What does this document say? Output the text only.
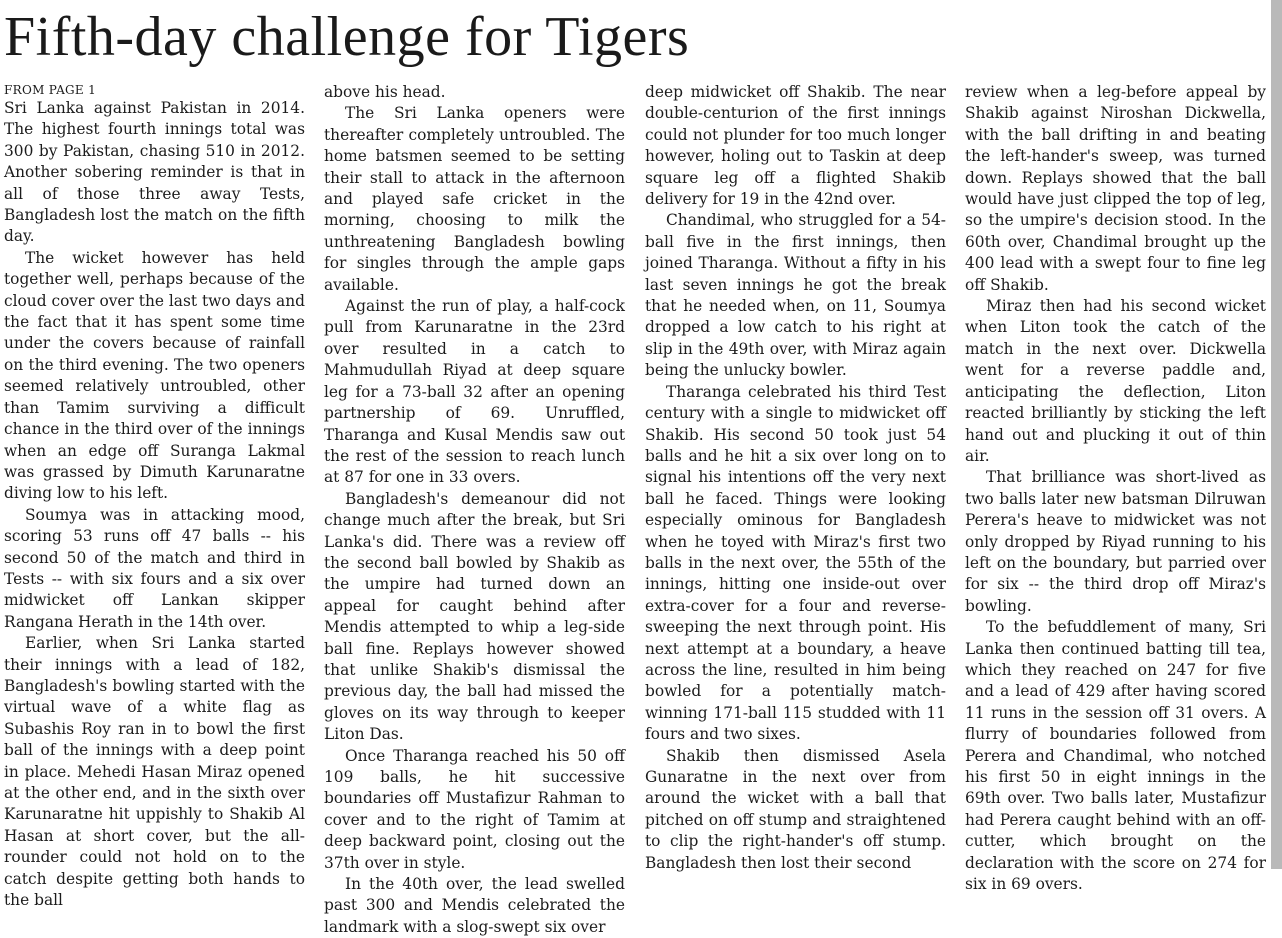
Fifth-day challenge for Tigers
FROM PAGE 1

Sri Lanka against Pakistan in 2014. The highest fourth innings total was 300 by Pakistan, chasing 510 in 2012. Another sobering reminder is that in all of those three away Tests, Bangladesh lost the match on the fifth day.

The wicket however has held together well, perhaps because of the cloud cover over the last two days and the fact that it has spent some time under the covers because of rainfall on the third evening. The two openers seemed relatively untroubled, other than Tamim surviving a difficult chance in the third over of the innings when an edge off Suranga Lakmal was grassed by Dimuth Karunaratne diving low to his left.

Soumya was in attacking mood, scoring 53 runs off 47 balls -- his second 50 of the match and third in Tests -- with six fours and a six over midwicket off Lankan skipper Rangana Herath in the 14th over.

Earlier, when Sri Lanka started their innings with a lead of 182, Bangladesh's bowling started with the virtual wave of a white flag as Subashis Roy ran in to bowl the first ball of the innings with a deep point in place. Mehedi Hasan Miraz opened at the other end, and in the sixth over Karunaratne hit uppishly to Shakib Al Hasan at short cover, but the all-rounder could not hold on to the catch despite getting both hands to the ball

above his head.

The Sri Lanka openers were thereafter completely untroubled. The home batsmen seemed to be setting their stall to attack in the afternoon and played safe cricket in the morning, choosing to milk the unthreatening Bangladesh bowling for singles through the ample gaps available.

Against the run of play, a half-cock pull from Karunaratne in the 23rd over resulted in a catch to Mahmudullah Riyad at deep square leg for a 73-ball 32 after an opening partnership of 69. Unruffled, Tharanga and Kusal Mendis saw out the rest of the session to reach lunch at 87 for one in 33 overs.

Bangladesh's demeanour did not change much after the break, but Sri Lanka's did. There was a review off the second ball bowled by Shakib as the umpire had turned down an appeal for caught behind after Mendis attempted to whip a leg-side ball fine. Replays however showed that unlike Shakib's dismissal the previous day, the ball had missed the gloves on its way through to keeper Liton Das.

Once Tharanga reached his 50 off 109 balls, he hit successive boundaries off Mustafizur Rahman to cover and to the right of Tamim at deep backward point, closing out the 37th over in style.

In the 40th over, the lead swelled past 300 and Mendis celebrated the landmark with a slog-swept six over

deep midwicket off Shakib. The near double-centurion of the first innings could not plunder for too much longer however, holing out to Taskin at deep square leg off a flighted Shakib delivery for 19 in the 42nd over.

Chandimal, who struggled for a 54-ball five in the first innings, then joined Tharanga. Without a fifty in his last seven innings he got the break that he needed when, on 11, Soumya dropped a low catch to his right at slip in the 49th over, with Miraz again being the unlucky bowler.

Tharanga celebrated his third Test century with a single to midwicket off Shakib. His second 50 took just 54 balls and he hit a six over long on to signal his intentions off the very next ball he faced. Things were looking especially ominous for Bangladesh when he toyed with Miraz's first two balls in the next over, the 55th of the innings, hitting one inside-out over extra-cover for a four and reverse-sweeping the next through point. His next attempt at a boundary, a heave across the line, resulted in him being bowled for a potentially match-winning 171-ball 115 studded with 11 fours and two sixes.

Shakib then dismissed Asela Gunaratne in the next over from around the wicket with a ball that pitched on off stump and straightened to clip the right-hander's off stump. Bangladesh then lost their second

review when a leg-before appeal by Shakib against Niroshan Dickwella, with the ball drifting in and beating the left-hander's sweep, was turned down. Replays showed that the ball would have just clipped the top of leg, so the umpire's decision stood. In the 60th over, Chandimal brought up the 400 lead with a swept four to fine leg off Shakib.

Miraz then had his second wicket when Liton took the catch of the match in the next over. Dickwella went for a reverse paddle and, anticipating the deflection, Liton reacted brilliantly by sticking the left hand out and plucking it out of thin air.

That brilliance was short-lived as two balls later new batsman Dilruwan Perera's heave to midwicket was not only dropped by Riyad running to his left on the boundary, but parried over for six -- the third drop off Miraz's bowling.

To the befuddlement of many, Sri Lanka then continued batting till tea, which they reached on 247 for five and a lead of 429 after having scored 11 runs in the session off 31 overs. A flurry of boundaries followed from Perera and Chandimal, who notched his first 50 in eight innings in the 69th over. Two balls later, Mustafizur had Perera caught behind with an off-cutter, which brought on the declaration with the score on 274 for six in 69 overs.
